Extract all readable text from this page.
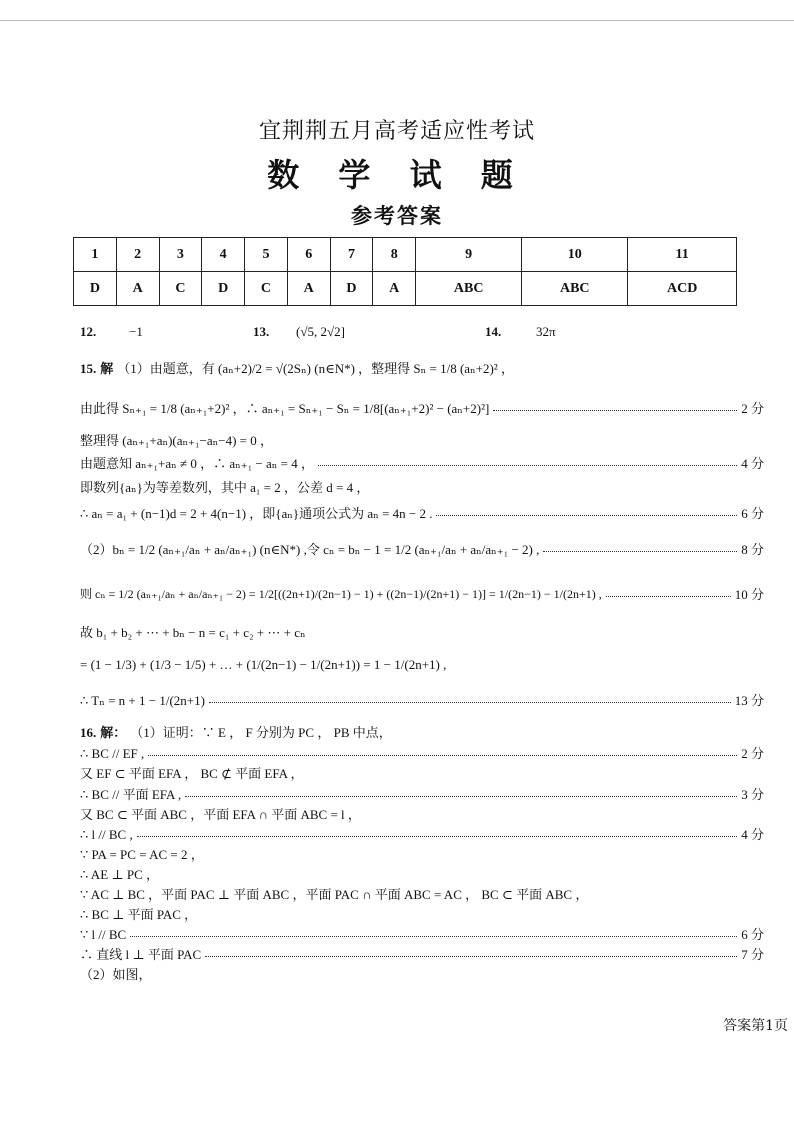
宜荆荆五月高考适应性考试
数 学 试 题
参考答案
1	2	3	4	5	6	7	8	9	10	11
D	A	C	D	C	A	D	A	ABC	ABC	ACD
12.	−1	13. (√5, 2√2]	14.	32π
15. 解 （1）由题意，有 (aₙ+2)/2 = √(2Sₙ) (n∈N*) ，整理得 Sₙ = 1/8 (aₙ+2)² ，
由此得 Sₙ₊₁ = 1/8 (aₙ₊₁+2)² ，∴ aₙ₊₁ = Sₙ₊₁ − Sₙ = 1/8[(aₙ₊₁+2)² − (aₙ+2)²]	2 分
整理得 (aₙ₊₁+aₙ)(aₙ₊₁−aₙ−4) = 0 ，
由题意知 aₙ₊₁+aₙ ≠ 0 ，∴ aₙ₊₁ − aₙ = 4 ，	4 分
即数列{aₙ}为等差数列，其中 a₁ = 2 ，公差 d = 4 ，
∴ aₙ = a₁ + (n−1)d = 2 + 4(n−1) ，即{aₙ}通项公式为 aₙ = 4n − 2 .	6 分
（2）bₙ = 1/2 (aₙ₊₁/aₙ + aₙ/aₙ₊₁) (n∈N*) ,令 cₙ = bₙ − 1 = 1/2 (aₙ₊₁/aₙ + aₙ/aₙ₊₁ − 2) ,	8 分
则 cₙ = 1/2 (aₙ₊₁/aₙ + aₙ/aₙ₊₁ − 2) = 1/2[((2n+1)/(2n−1) − 1) + ((2n−1)/(2n+1) − 1)] = 1/(2n−1) − 1/(2n+1) ,	10 分
故 b₁ + b₂ + ⋯ + bₙ − n = c₁ + c₂ + ⋯ + cₙ
= (1 − 1/3) + (1/3 − 1/5) + … + (1/(2n−1) − 1/(2n+1)) = 1 − 1/(2n+1) ,
∴ Tₙ = n + 1 − 1/(2n+1)	13 分
16. 解： （1）证明：∵ E ， F 分别为 PC ， PB 中点，
∴ BC // EF ,	2 分
又 EF ⊂ 平面 EFA ， BC ⊄ 平面 EFA ，
∴ BC // 平面 EFA ,	3 分
又 BC ⊂ 平面 ABC ，平面 EFA ∩ 平面 ABC = l ，
∴ l // BC ,	4 分
∵ PA = PC = AC = 2 ，
∴ AE ⊥ PC ，
∵ AC ⊥ BC ，平面 PAC ⊥ 平面 ABC ，平面 PAC ∩ 平面 ABC = AC ， BC ⊂ 平面 ABC ，
∴ BC ⊥ 平面 PAC ，
∵ l // BC	6 分
∴ 直线 l ⊥ 平面 PAC	7 分
（2）如图，
答案第1页
